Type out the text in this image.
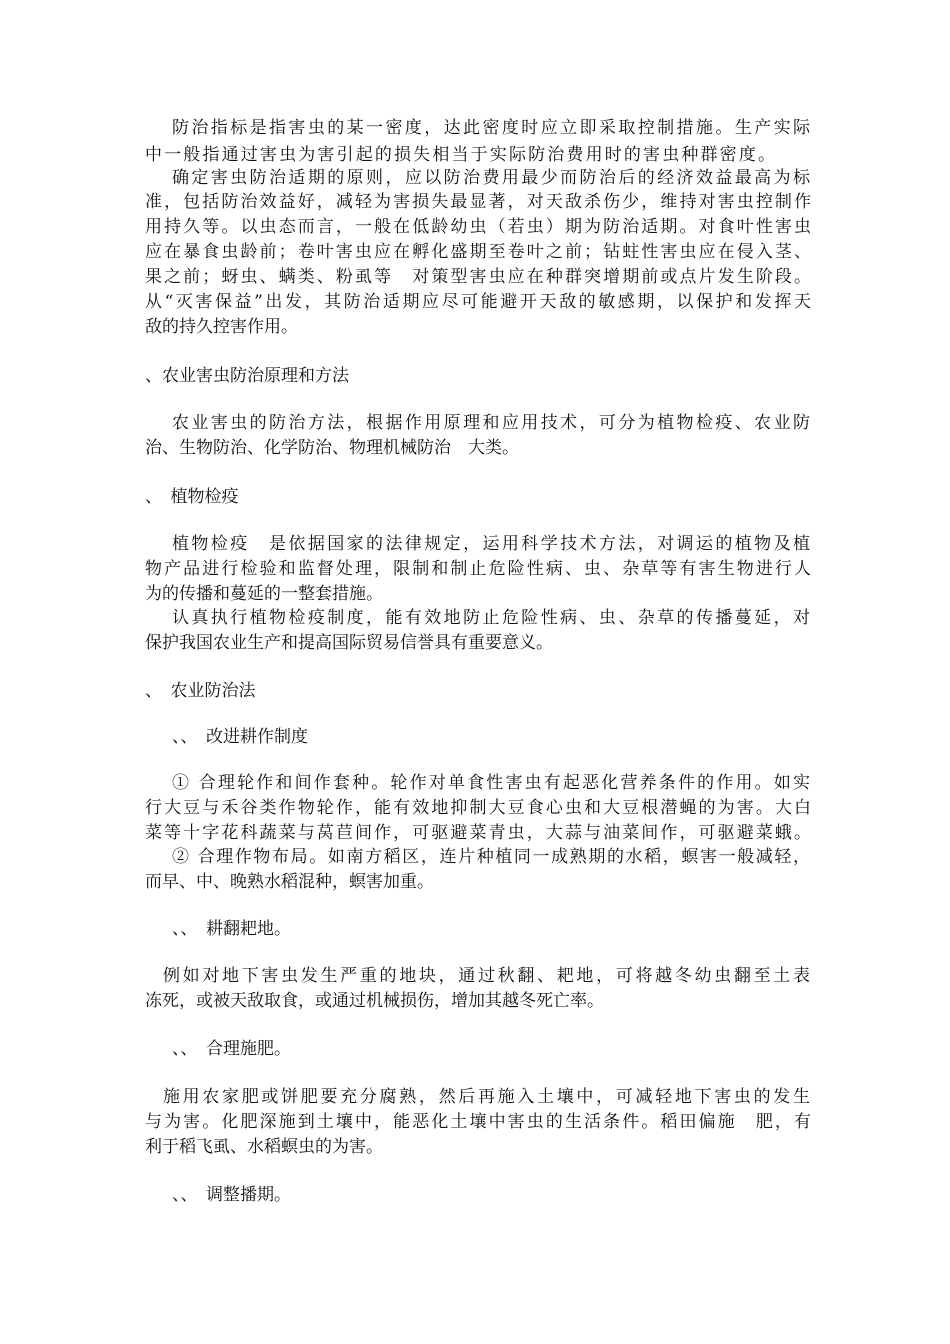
防治指标是指害虫的某一密度，达此密度时应立即采取控制措施。生产实际

中一般指通过害虫为害引起的损失相当于实际防治费用时的害虫种群密度。

确定害虫防治适期的原则，应以防治费用最少而防治后的经济效益最高为标

准，包括防治效益好，减轻为害损失最显著，对天敌杀伤少，维持对害虫控制作

用持久等。以虫态而言，一般在低龄幼虫（若虫）期为防治适期。对食叶性害虫

应在暴食虫龄前；卷叶害虫应在孵化盛期至卷叶之前；钻蛀性害虫应在侵入茎、

果之前；蚜虫、螨类、粉虱等　对策型害虫应在种群突增期前或点片发生阶段。

从“灭害保益”出发，其防治适期应尽可能避开天敌的敏感期，以保护和发挥天

敌的持久控害作用。

、农业害虫防治原理和方法

农业害虫的防治方法，根据作用原理和应用技术，可分为植物检疫、农业防

治、生物防治、化学防治、物理机械防治　大类。

、　植物检疫

植物检疫　是依据国家的法律规定，运用科学技术方法，对调运的植物及植

物产品进行检验和监督处理，限制和制止危险性病、虫、杂草等有害生物进行人

为的传播和蔓延的一整套措施。

认真执行植物检疫制度，能有效地防止危险性病、虫、杂草的传播蔓延，对

保护我国农业生产和提高国际贸易信誉具有重要意义。

、　农业防治法

、、　改进耕作制度

① 合理轮作和间作套种。轮作对单食性害虫有起恶化营养条件的作用。如实

行大豆与禾谷类作物轮作，能有效地抑制大豆食心虫和大豆根潜蝇的为害。大白

菜等十字花科蔬菜与莴苣间作，可驱避菜青虫，大蒜与油菜间作，可驱避菜蛾。

② 合理作物布局。如南方稻区，连片种植同一成熟期的水稻，螟害一般减轻，

而早、中、晚熟水稻混种，螟害加重。

、、　耕翻耙地。

例如对地下害虫发生严重的地块，通过秋翻、耙地，可将越冬幼虫翻至土表

冻死，或被天敌取食，或通过机械损伤，增加其越冬死亡率。

、、　合理施肥。

施用农家肥或饼肥要充分腐熟，然后再施入土壤中，可减轻地下害虫的发生

与为害。化肥深施到土壤中，能恶化土壤中害虫的生活条件。稻田偏施　肥，有

利于稻飞虱、水稻螟虫的为害。

、、　调整播期。
